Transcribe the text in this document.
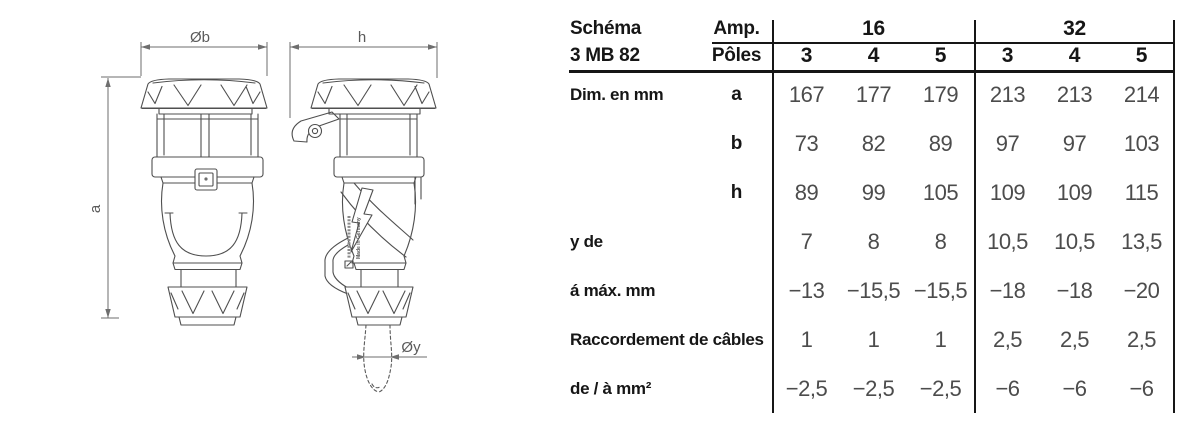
Øb	h
a
Made in Germany
Øy
Schéma	Amp.	16	32
3 MB 82	Pôles	3	4	5	3	4	5
Dim. en mm	a	167	177	179	213	213	214
b	73	82	89	97	97	103
h	89	99	105	109	109	115
y de	7	8	8	10,5	10,5	13,5
á máx. mm	−13	−15,5 −15,5	−18	−18	−20
Raccordement de câbles	1	1	1	2,5	2,5	2,5
de / à mm²	−2,5	−2,5	−2,5	−6	−6	−6
